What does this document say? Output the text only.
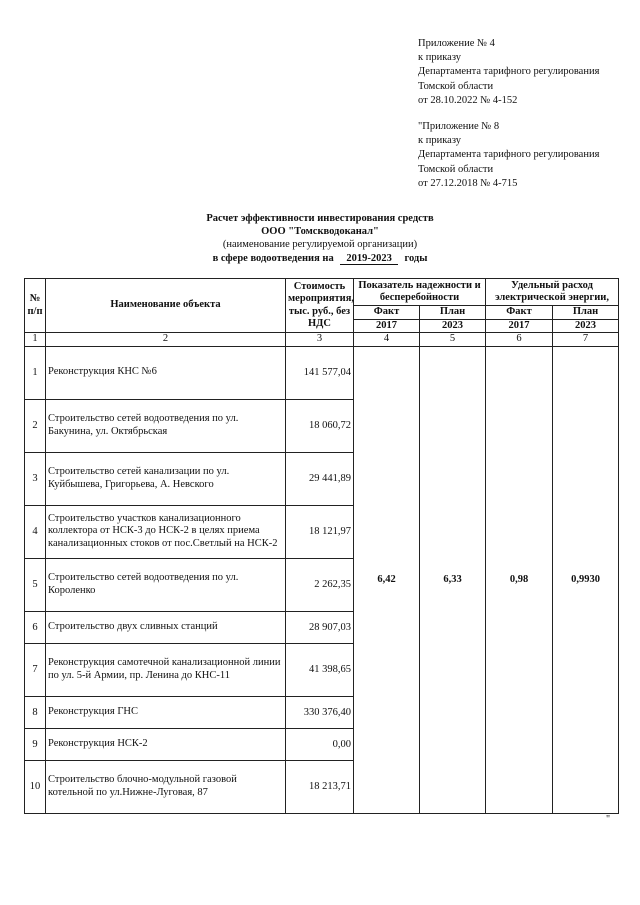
Приложение № 4
к приказу
Департамента тарифного регулирования
Томской области
от 28.10.2022 № 4-152
"Приложение № 8
к приказу
Департамента тарифного регулирования
Томской области
от 27.12.2018 № 4-715
Расчет эффективности инвестирования средств
ООО "Томскводоканал"
(наименование регулируемой организации)
в сфере водоотведения на 2019-2023 годы
№ п/п	Наименование объекта	Стоимость мероприятия, тыс. руб., без НДС	Показатель надежности и бесперебойности		Удельный расход электрической энергии,	
			Факт	План	Факт	План
			2017	2023	2017	2023
1	2	3	4	5	6	7
1	Реконструкция КНС №6	141 577,04	6,42	6,33	0,98	0,9930
2	Строительство сетей водоотведения по ул. Бакунина, ул. Октябрьская	18 060,72				
3	Строительство сетей канализации по ул. Куйбышева, Григорьева, А. Невского	29 441,89				
4	Строительство участков канализационного коллектора от НСК-3 до НСК-2 в целях приема канализационных стоков от пос.Светлый на НСК-2	18 121,97				
5	Строительство сетей водоотведения по ул. Короленко	2 262,35				
6	Строительство двух сливных станций	28 907,03				
7	Реконструкция самотечной канализационной линии по ул. 5-й Армии, пр. Ленина до КНС-11	41 398,65				
8	Реконструкция ГНС	330 376,40				
9	Реконструкция НСК-2	0,00				
10	Строительство блочно-модульной газовой котельной по ул.Нижне-Луговая, 87	18 213,71				
"
